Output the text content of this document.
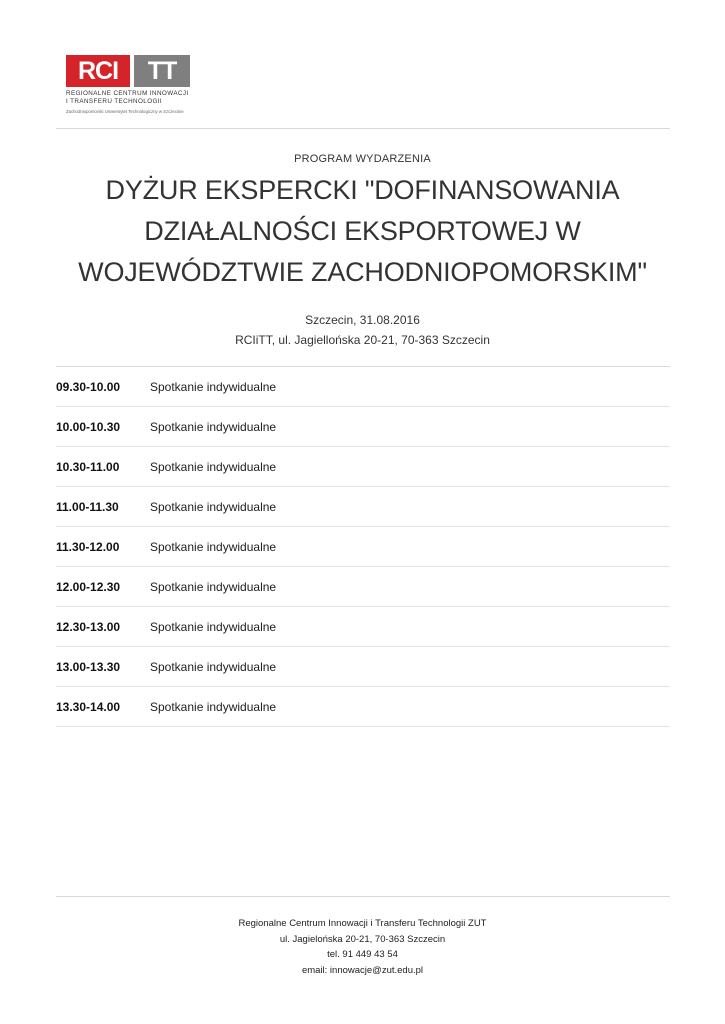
RCI	TT
REGIONALNE CENTRUM INNOWACJI
I TRANSFERU TECHNOLOGII
Zachodniopomorski Uniwersytet Technologiczny w Szczecinie
PROGRAM WYDARZENIA
DYŻUR EKSPERCKI "DOFINANSOWANIA DZIAŁALNOŚCI EKSPORTOWEJ W WOJEWÓDZTWIE ZACHODNIOPOMORSKIM"
Szczecin, 31.08.2016
RCIiTT, ul. Jagiellońska 20-21, 70-363 Szczecin
09.30-10.00	Spotkanie indywidualne
10.00-10.30	Spotkanie indywidualne
10.30-11.00	Spotkanie indywidualne
11.00-11.30	Spotkanie indywidualne
11.30-12.00	Spotkanie indywidualne
12.00-12.30	Spotkanie indywidualne
12.30-13.00	Spotkanie indywidualne
13.00-13.30	Spotkanie indywidualne
13.30-14.00	Spotkanie indywidualne
Regionalne Centrum Innowacji i Transferu Technologii ZUT
ul. Jagielońska 20-21, 70-363 Szczecin
tel. 91 449 43 54
email: innowacje@zut.edu.pl
